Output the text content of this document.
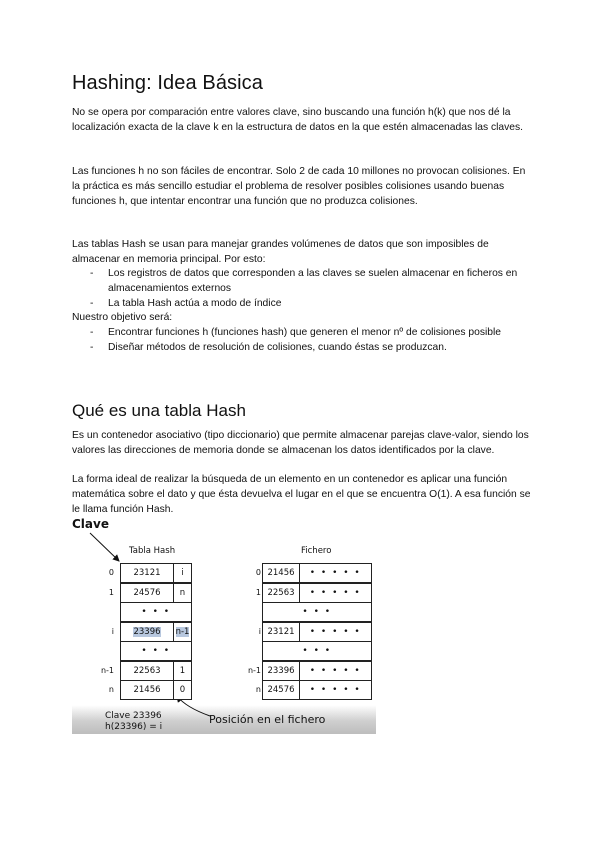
Hashing: Idea Básica

No se opera por comparación entre valores clave, sino buscando una función h(k) que nos dé la localización exacta de la clave k en la estructura de datos en la que estén almacenadas las claves.

Las funciones h no son fáciles de encontrar. Solo 2 de cada 10 millones no provocan colisiones. En la práctica es más sencillo estudiar el problema de resolver posibles colisiones usando buenas funciones h, que intentar encontrar una función que no produzca colisiones.

Las tablas Hash se usan para manejar grandes volúmenes de datos que son imposibles de almacenar en memoria principal. Por esto:

- Los registros de datos que corresponden a las claves se suelen almacenar en ficheros en almacenamientos externos
- La tabla Hash actúa a modo de índice

Nuestro objetivo será:

- Encontrar funciones h (funciones hash) que generen el menor nº de colisiones posible
- Diseñar métodos de resolución de colisiones, cuando éstas se produzcan.
Qué es una tabla Hash

Es un contenedor asociativo (tipo diccionario) que permite almacenar parejas clave-valor, siendo los valores las direcciones de memoria donde se almacenan los datos identificados por la clave.

La forma ideal de realizar la búsqueda de un elemento en un contenedor es aplicar una función matemática sobre el dato y que ésta devuelva el lugar en el que se encuentra O(1). A esa función se le llama función Hash.

Clave
Tabla Hash	Fichero
0 23121 i
1 24576 n
• • •
i 23396 n-1
• • •
n-1 22563 1
n 21456 0
0 21456	• • • • •
1 22563	• • • • •
• • •
i 23121	• • • • •
• • •
n-1 23396	• • • • •
n 24576	• • • • •
Clave 23396
h(23396) = i
Posición en el fichero
